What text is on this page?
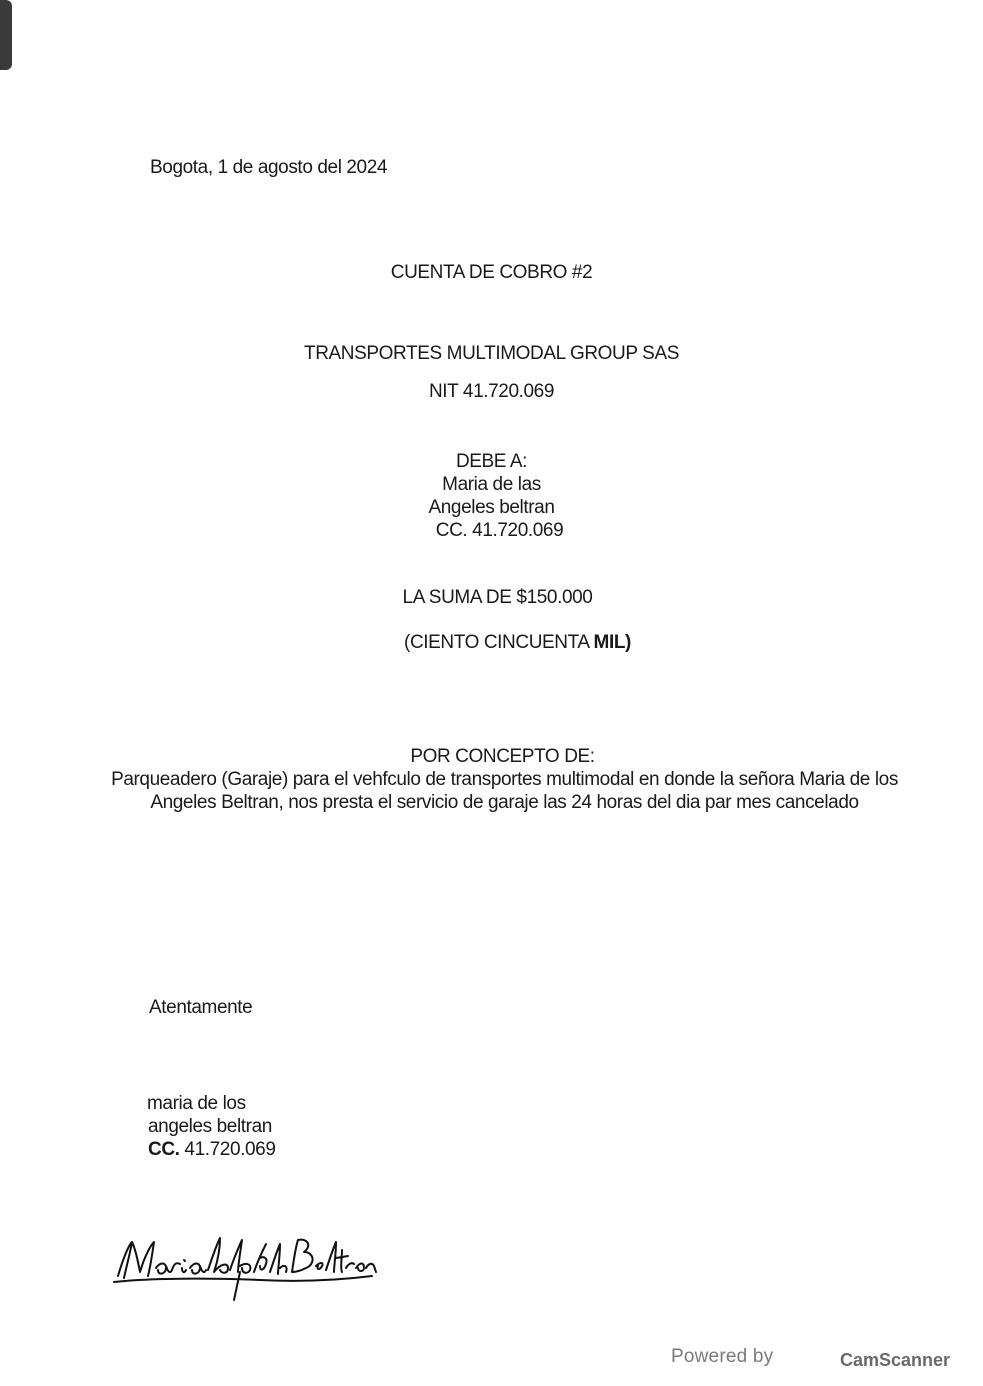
Bogota, 1 de agosto del 2024
CUENTA DE COBRO #2
TRANSPORTES MULTIMODAL GROUP SAS
NIT 41.720.069
DEBE A:
Maria de las
Angeles beltran
CC. 41.720.069
LA SUMA DE $150.000
(CIENTO CINCUENTA MIL)
POR CONCEPTO DE:
Parqueadero (Garaje) para el vehfculo de transportes multimodal en donde la señora Maria de los Angeles Beltran, nos presta el servicio de garaje las 24 horas del dia par mes cancelado
Atentamente
maria de los
angeles beltran
CC. 41.720.069
Powered by	CamScanner
